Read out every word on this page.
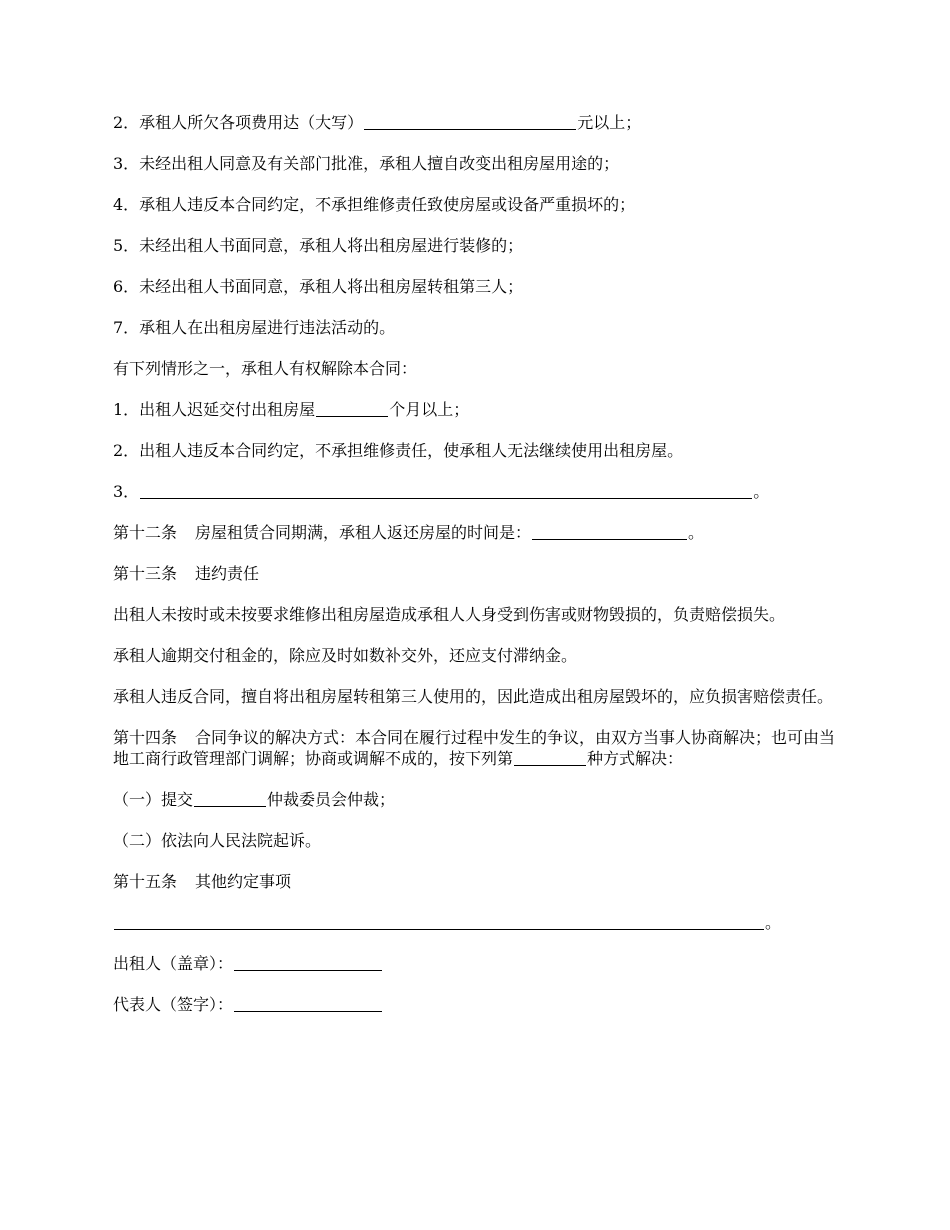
2．承租人所欠各项费用达（大写）	元以上；

3．未经出租人同意及有关部门批准，承租人擅自改变出租房屋用途的；

4．承租人违反本合同约定，不承担维修责任致使房屋或设备严重损坏的；

5．未经出租人书面同意，承租人将出租房屋进行装修的；

6．未经出租人书面同意，承租人将出租房屋转租第三人；

7．承租人在出租房屋进行违法活动的。

有下列情形之一，承租人有权解除本合同：

1．出租人迟延交付出租房屋	个月以上；

2．出租人违反本合同约定，不承担维修责任，使承租人无法继续使用出租房屋。

3．	。

第十二条 房屋租赁合同期满，承租人返还房屋的时间是：	。

第十三条 违约责任

出租人未按时或未按要求维修出租房屋造成承租人人身受到伤害或财物毁损的，负责赔偿损失。

承租人逾期交付租金的，除应及时如数补交外，还应支付滞纳金。

承租人违反合同，擅自将出租房屋转租第三人使用的，因此造成出租房屋毁坏的，应负损害赔偿责任。

第十四条 合同争议的解决方式：本合同在履行过程中发生的争议，由双方当事人协商解决；也可由当地工商行政管理部门调解；协商或调解不成的，按下列第	种方式解决：

（一）提交	仲裁委员会仲裁；

（二）依法向人民法院起诉。

第十五条 其他约定事项

。

出租人（盖章）：

代表人（签字）：
